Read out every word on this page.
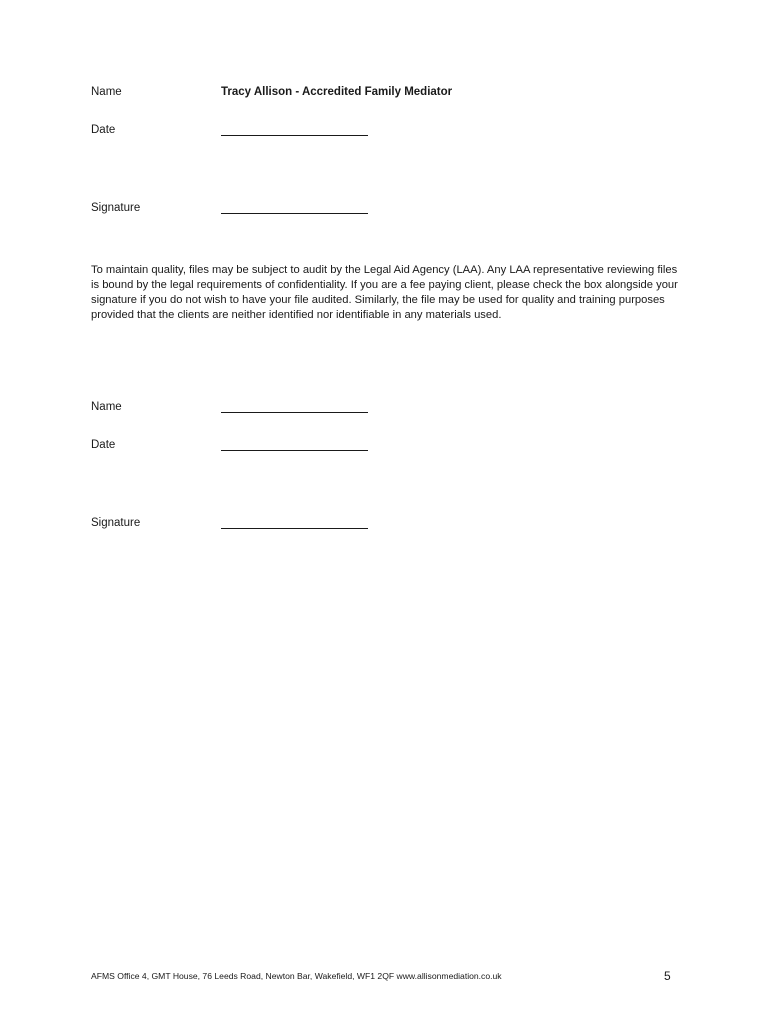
Name	Tracy Allison - Accredited Family Mediator
Date
Signature
To maintain quality, files may be subject to audit by the Legal Aid Agency (LAA). Any LAA representative reviewing files is bound by the legal requirements of confidentiality. If you are a fee paying client, please check the box alongside your signature if you do not wish to have your file audited. Similarly, the file may be used for quality and training purposes provided that the clients are neither identified nor identifiable in any materials used.
Name
Date
Signature
AFMS Office 4, GMT House, 76 Leeds Road, Newton Bar, Wakefield, WF1 2QF www.allisonmediation.co.uk	5
